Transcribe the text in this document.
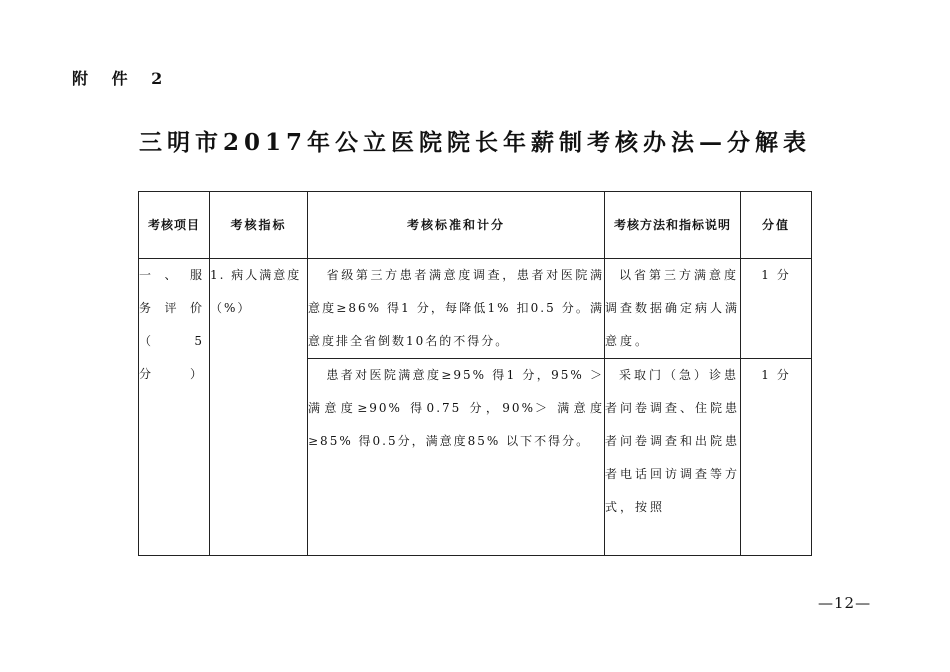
附 件 2
三明市2017年公立医院院长年薪制考核办法—分解表
考核项目	考核指标	考核标准和计分	考核方法和指标说明	分值

一、服
务评价
（5
分）	1. 病人满意度（%）	省级第三方患者满意度调查，患者对医院满意度≥86% 得1 分，每降低1% 扣0.5 分。满意度排全省倒数10名的不得分。	以省第三方满意度调查数据确定病人满意度。	1 分
		患者对医院满意度≥95% 得1 分，95% ＞满意度≥90% 得0.75 分，90%＞ 满意度≥85% 得0.5分，满意度85% 以下不得分。	采取门（急）诊患者问卷调查、住院患者问卷调查和出院患者电话回访调查等方式，按照	1 分
—12—
